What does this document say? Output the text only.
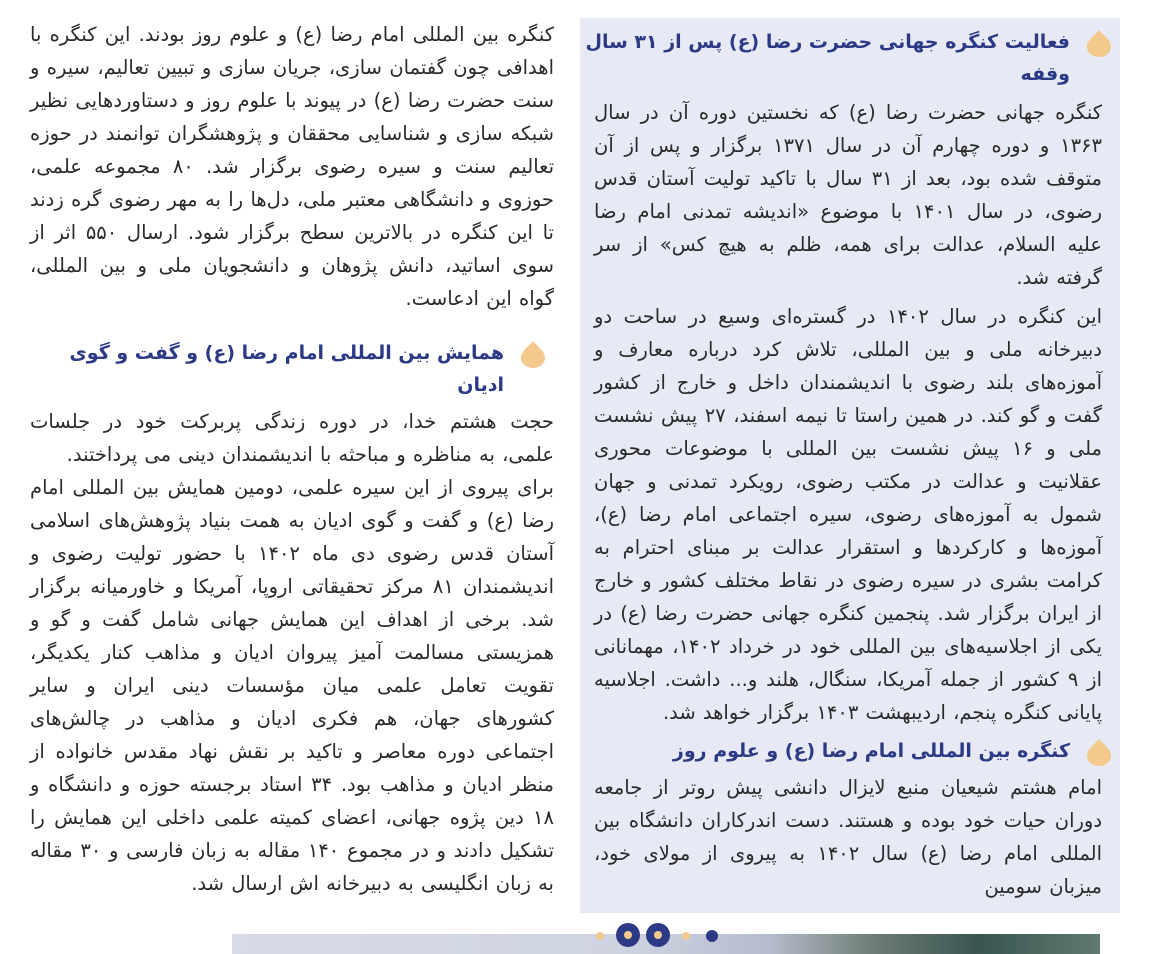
فعالیت کنگره جهانی حضرت رضا (ع) پس از ۳۱ سال وقفه

کنگره جهانی حضرت رضا (ع) که نخستین دوره آن در سال ۱۳۶۳ و دوره چهارم آن در سال ۱۳۷۱ برگزار و پس از آن متوقف شده بود، بعد از ۳۱ سال با تاکید تولیت آستان قدس رضوی، در سال ۱۴۰۱ با موضوع «اندیشه تمدنی امام رضا علیه السلام، عدالت برای همه، ظلم به هیچ کس» از سر گرفته شد.

این کنگره در سال ۱۴۰۲ در گستره‌ای وسیع در ساحت دو دبیرخانه ملی و بین المللی، تلاش کرد درباره معارف و آموزه‌های بلند رضوی با اندیشمندان داخل و خارج از کشور گفت و گو کند. در همین راستا تا نیمه اسفند، ۲۷ پیش نشست ملی و ۱۶ پیش نشست بین المللی با موضوعات محوری عقلانیت و عدالت در مکتب رضوی، رویکرد تمدنی و جهان شمول به آموزه‌های رضوی، سیره اجتماعی امام رضا (ع)، آموزه‌ها و کارکردها و استقرار عدالت بر مبنای احترام به کرامت بشری در سیره رضوی در نقاط مختلف کشور و خارج از ایران برگزار شد. پنجمین کنگره جهانی حضرت رضا (ع) در یکی از اجلاسیه‌های بین المللی خود در خرداد ۱۴۰۲، مهمانانی از ۹ کشور از جمله آمریکا، سنگال، هلند و... داشت. اجلاسیه پایانی کنگره پنجم، اردیبهشت ۱۴۰۳ برگزار خواهد شد.

کنگره بین المللی امام رضا (ع) و علوم روز

امام هشتم شیعیان منبع لایزال دانشی پیش روتر از جامعه دوران حیات خود بوده و هستند. دست اندرکاران دانشگاه بین المللی امام رضا (ع) سال ۱۴۰۲ به پیروی از مولای خود، میزبان سومین

کنگره بین المللی امام رضا (ع) و علوم روز بودند. این کنگره با اهدافی چون گفتمان سازی، جریان سازی و تبیین تعالیم، سیره و سنت حضرت رضا (ع) در پیوند با علوم روز و دستاوردهایی نظیر شبکه سازی و شناسایی محققان و پژوهشگران توانمند در حوزه تعالیم سنت و سیره رضوی برگزار شد. ۸۰ مجموعه علمی، حوزوی و دانشگاهی معتبر ملی، دل‌ها را به مهر رضوی گره زدند تا این کنگره در بالاترین سطح برگزار شود. ارسال ۵۵۰ اثر از سوی اساتید، دانش پژوهان و دانشجویان ملی و بین المللی، گواه این ادعاست.

همایش بین المللی امام رضا (ع) و گفت و گوی ادیان

حجت هشتم خدا، در دوره زندگی پربرکت خود در جلسات علمی، به مناظره و مباحثه با اندیشمندان دینی می پرداختند.

برای پیروی از این سیره علمی، دومین همایش بین المللی امام رضا (ع) و گفت و گوی ادیان به همت بنیاد پژوهش‌های اسلامی آستان قدس رضوی دی ماه ۱۴۰۲ با حضور تولیت رضوی و اندیشمندان ۸۱ مرکز تحقیقاتی اروپا، آمریکا و خاورمیانه برگزار شد. برخی از اهداف این همایش جهانی شامل گفت و گو و همزیستی مسالمت آمیز پیروان ادیان و مذاهب کنار یکدیگر، تقویت تعامل علمی میان مؤسسات دینی ایران و سایر کشورهای جهان، هم فکری ادیان و مذاهب در چالش‌های اجتماعی دوره معاصر و تاکید بر نقش نهاد مقدس خانواده از منظر ادیان و مذاهب بود. ۳۴ استاد برجسته حوزه و دانشگاه و ۱۸ دین پژوه جهانی، اعضای کمیته علمی داخلی این همایش را تشکیل دادند و در مجموع ۱۴۰ مقاله به زبان فارسی و ۳۰ مقاله به زبان انگلیسی به دبیرخانه اش ارسال شد.
